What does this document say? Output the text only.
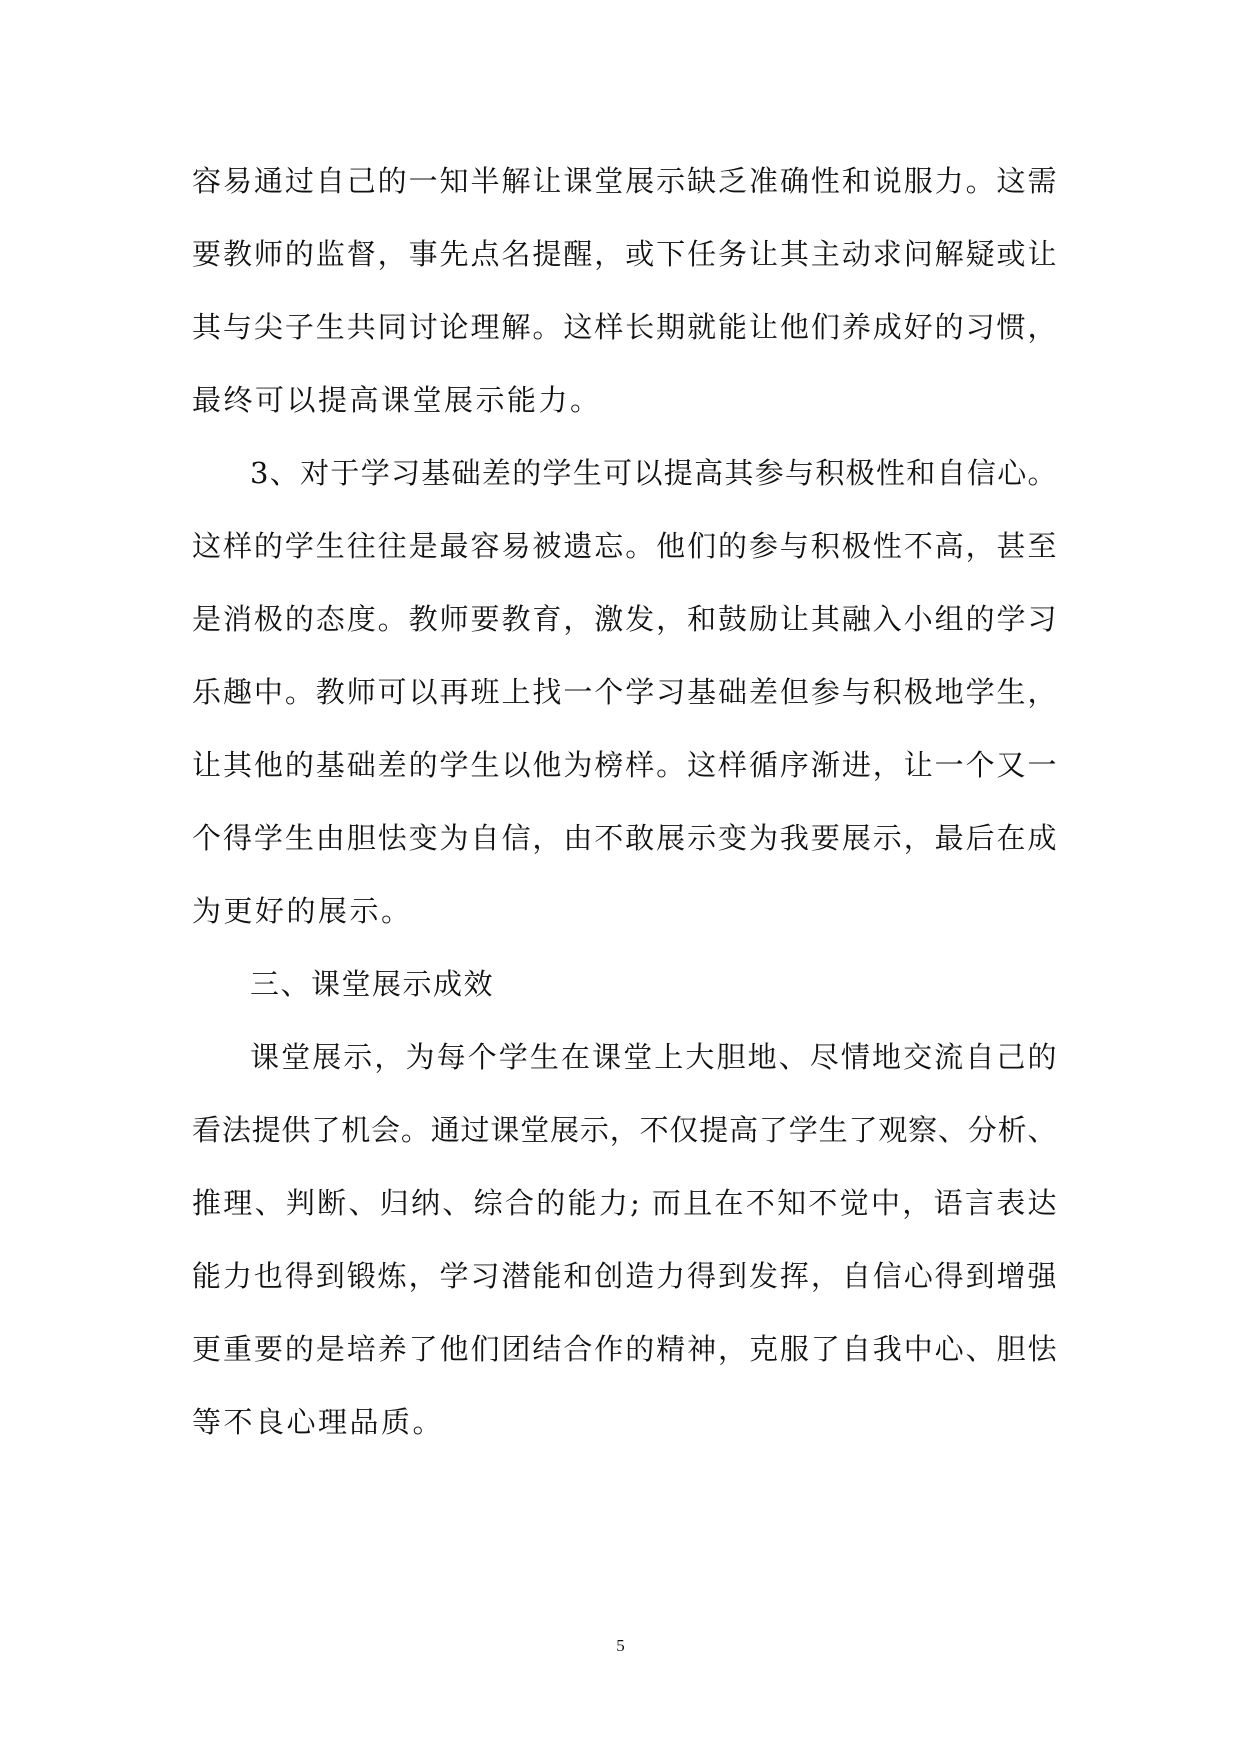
容易通过自己的一知半解让课堂展示缺乏准确性和说服力。这需
要教师的监督，事先点名提醒，或下任务让其主动求问解疑或让
其与尖子生共同讨论理解。这样长期就能让他们养成好的习惯，
最终可以提高课堂展示能力。
3、对于学习基础差的学生可以提高其参与积极性和自信心。
这样的学生往往是最容易被遗忘。他们的参与积极性不高，甚至
是消极的态度。教师要教育，激发，和鼓励让其融入小组的学习
乐趣中。教师可以再班上找一个学习基础差但参与积极地学生，
让其他的基础差的学生以他为榜样。这样循序渐进，让一个又一
个得学生由胆怯变为自信，由不敢展示变为我要展示，最后在成
为更好的展示。
三、课堂展示成效
课堂展示，为每个学生在课堂上大胆地、尽情地交流自己的
看法提供了机会。通过课堂展示，不仅提高了学生了观察、分析、
推理、判断、归纳、综合的能力; 而且在不知不觉中，语言表达
能力也得到锻炼，学习潜能和创造力得到发挥，自信心得到增强
更重要的是培养了他们团结合作的精神，克服了自我中心、胆怯
等不良心理品质。
5
